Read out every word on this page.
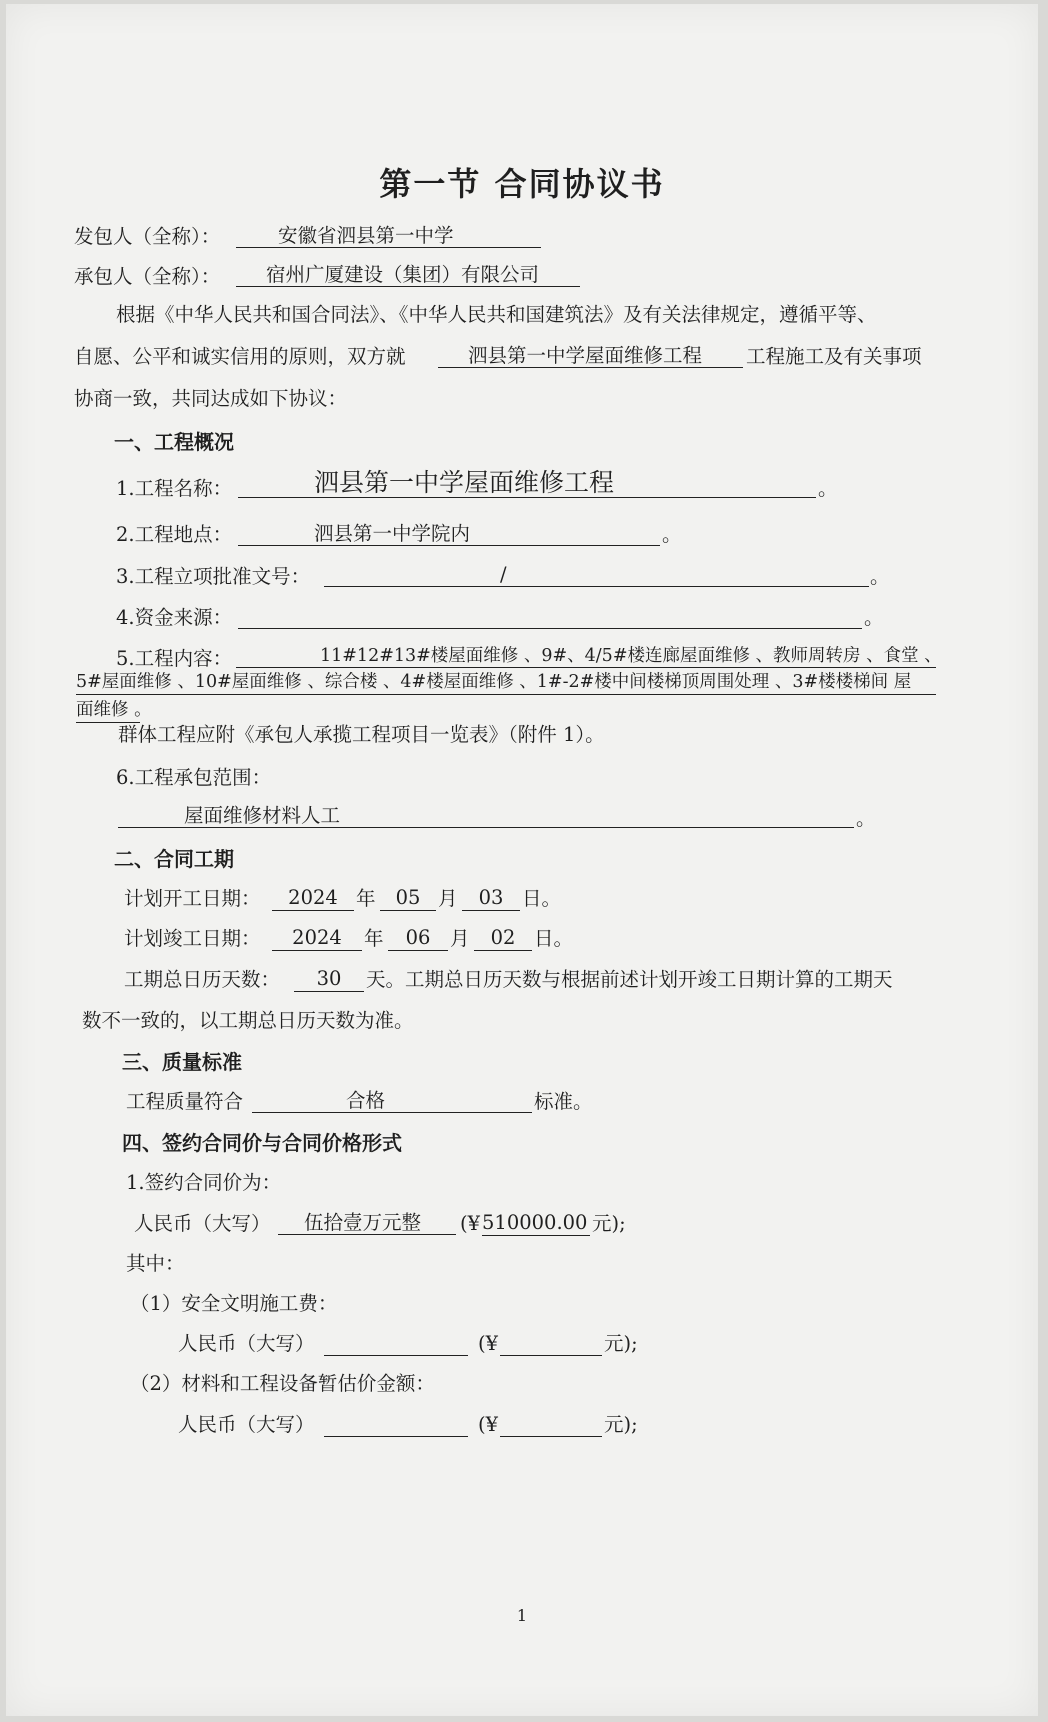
第一节 合同协议书
发包人（全称）：	安徽省泗县第一中学
承包人（全称）：	宿州广厦建设（集团）有限公司
根据《中华人民共和国合同法》、《中华人民共和国建筑法》及有关法律规定，遵循平等、
自愿、公平和诚实信用的原则，双方就	泗县第一中学屋面维修工程	工程施工及有关事项
协商一致，共同达成如下协议：
一、工程概况
1.工程名称：	泗县第一中学屋面维修工程	。
2.工程地点：	泗县第一中学院内	。
3.工程立项批准文号：	/	。
4.资金来源：	。
5.工程内容：	11#12#13#楼屋面维修 、9#、4/5#楼连廊屋面维修 、教师周转房 、食堂 、
5#屋面维修 、10#屋面维修 、综合楼 、4#楼屋面维修 、1#-2#楼中间楼梯顶周围处理 、3#楼楼梯间 屋
面维修 。
群体工程应附《承包人承揽工程项目一览表》（附件 1）。
6.工程承包范围：
屋面维修材料人工	。
二、合同工期
计划开工日期：	2024 年	05 月	03 日。
计划竣工日期：	2024	年	06	月	02 日。
工期总日历天数：	30	天。工期总日历天数与根据前述计划开竣工日期计算的工期天
数不一致的，以工期总日历天数为准。
三、质量标准
工程质量符合	合格	标准。
四、签约合同价与合同价格形式
1.签约合同价为：
人民币（大写）	伍拾壹万元整	(¥ 510000.00 元);
其中：
（1）安全文明施工费：
人民币（大写）	(¥	元);
（2）材料和工程设备暂估价金额：
人民币（大写）	(¥	元);
1
